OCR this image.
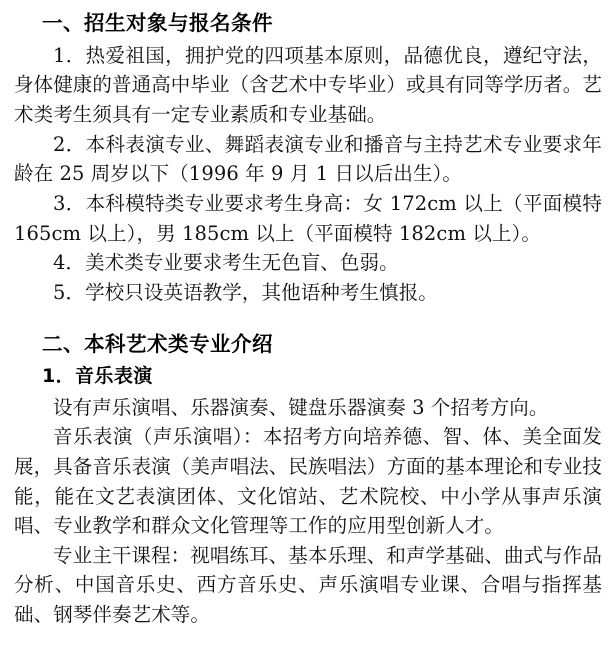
一、招生对象与报名条件

1．热爱祖国，拥护党的四项基本原则，品德优良，遵纪守法，身体健康的普通高中毕业（含艺术中专毕业）或具有同等学历者。艺术类考生须具有一定专业素质和专业基础。

2．本科表演专业、舞蹈表演专业和播音与主持艺术专业要求年龄在 25 周岁以下（1996 年 9 月 1 日以后出生）。

3．本科模特类专业要求考生身高：女 172cm 以上（平面模特 165cm 以上），男 185cm 以上（平面模特 182cm 以上）。

4．美术类专业要求考生无色盲、色弱。

5．学校只设英语教学，其他语种考生慎报。

二、本科艺术类专业介绍
1．音乐表演

设有声乐演唱、乐器演奏、键盘乐器演奏 3 个招考方向。

音乐表演（声乐演唱）：本招考方向培养德、智、体、美全面发展，具备音乐表演（美声唱法、民族唱法）方面的基本理论和专业技能，能在文艺表演团体、文化馆站、艺术院校、中小学从事声乐演唱、专业教学和群众文化管理等工作的应用型创新人才。

专业主干课程：视唱练耳、基本乐理、和声学基础、曲式与作品分析、中国音乐史、西方音乐史、声乐演唱专业课、合唱与指挥基础、钢琴伴奏艺术等。
